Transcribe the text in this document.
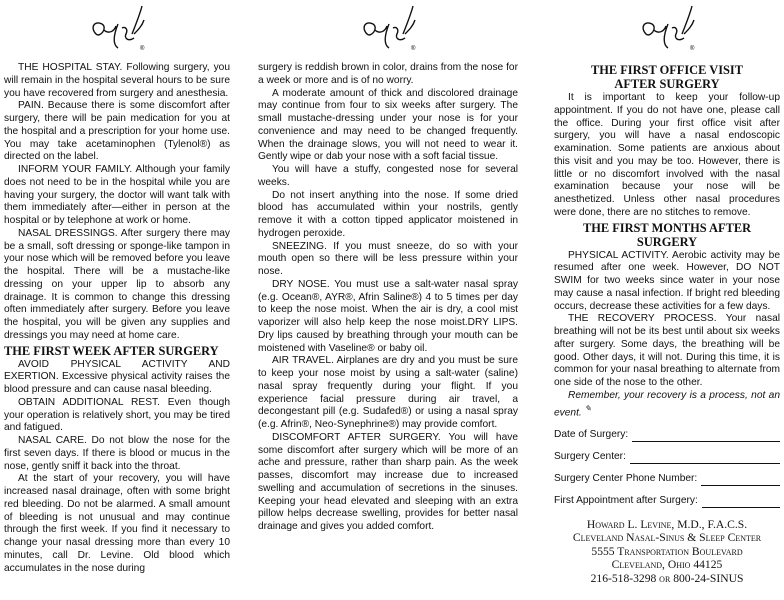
®

THE HOSPITAL STAY. Following surgery, you will remain in the hospital several hours to be sure you have recovered from surgery and anesthesia.

PAIN. Because there is some discomfort after surgery, there will be pain medication for you at the hospital and a prescription for your home use. You may take acetaminophen (Tylenol®) as directed on the label.

INFORM YOUR FAMILY. Although your family does not need to be in the hospital while you are having your surgery, the doctor will want talk with them immediately after—either in person at the hospital or by telephone at work or home.

NASAL DRESSINGS. After surgery there may be a small, soft dressing or sponge-like tampon in your nose which will be removed before you leave the hospital. There will be a mustache-like dressing on your upper lip to absorb any drainage. It is common to change this dressing often immediately after surgery. Before you leave the hospital, you will be given any supplies and dressings you may need at home care.

THE FIRST WEEK AFTER SURGERY

AVOID PHYSICAL ACTIVITY AND EXERTION. Excessive physical activity raises the blood pressure and can cause nasal bleeding.

OBTAIN ADDITIONAL REST. Even though your operation is relatively short, you may be tired and fatigued.

NASAL CARE. Do not blow the nose for the first seven days. If there is blood or mucus in the nose, gently sniff it back into the throat.

At the start of your recovery, you will have increased nasal drainage, often with some bright red bleeding. Do not be alarmed. A small amount of bleeding is not unusual and may continue through the first week. If you find it necessary to change your nasal dressing more than every 10 minutes, call Dr. Levine. Old blood which accumulates in the nose during

®

surgery is reddish brown in color, drains from the nose for a week or more and is of no worry.

A moderate amount of thick and discolored drainage may continue from four to six weeks after surgery. The small mustache-dressing under your nose is for your convenience and may need to be changed frequently. When the drainage slows, you will not need to wear it. Gently wipe or dab your nose with a soft facial tissue.

You will have a stuffy, congested nose for several weeks.

Do not insert anything into the nose. If some dried blood has accumulated within your nostrils, gently remove it with a cotton tipped applicator moistened in hydrogen peroxide.

SNEEZING. If you must sneeze, do so with your mouth open so there will be less pressure within your nose.

DRY NOSE. You must use a salt-water nasal spray (e.g. Ocean®, AYR®, Afrin Saline®) 4 to 5 times per day to keep the nose moist. When the air is dry, a cool mist vaporizer will also help keep the nose moist.DRY LIPS. Dry lips caused by breathing through your mouth can be moistened with Vaseline® or baby oil.

AIR TRAVEL. Airplanes are dry and you must be sure to keep your nose moist by using a salt-water (saline) nasal spray frequently during your flight. If you experience facial pressure during air travel, a decongestant pill (e.g. Sudafed®) or using a nasal spray (e.g. Afrin®, Neo-Synephrine®) may provide comfort.

DISCOMFORT AFTER SURGERY. You will have some discomfort after surgery which will be more of an ache and pressure, rather than sharp pain. As the week passes, discomfort may increase due to increased swelling and accumulation of secretions in the sinuses. Keeping your head elevated and sleeping with an extra pillow helps decrease swelling, provides for better nasal drainage and gives you added comfort.

®
THE FIRST OFFICE VISIT
AFTER SURGERY

It is important to keep your follow-up appointment. If you do not have one, please call the office. During your first office visit after surgery, you will have a nasal endoscopic examination. Some patients are anxious about this visit and you may be too. However, there is little or no discomfort involved with the nasal examination because your nose will be anesthetized. Unless other nasal procedures were done, there are no stitches to remove.

THE FIRST MONTHS AFTER
SURGERY

PHYSICAL ACTIVITY. Aerobic activity may be resumed after one week. However, DO NOT SWIM for two weeks since water in your nose may cause a nasal infection. If bright red bleeding occurs, decrease these activities for a few days.

THE RECOVERY PROCESS. Your nasal breathing will not be its best until about six weeks after surgery. Some days, the breathing will be good. Other days, it will not. During this time, it is common for your nasal breathing to alternate from one side of the nose to the other.

Remember, your recovery is a process, not an event. ✎

Date of Surgery:
Surgery Center:
Surgery Center Phone Number:
First Appointment after Surgery:
Howard L. Levine, M.D., F.A.C.S.
Cleveland Nasal-Sinus & Sleep Center
5555 Transportation Boulevard
Cleveland, Ohio 44125
216-518-3298 or 800-24-SINUS
